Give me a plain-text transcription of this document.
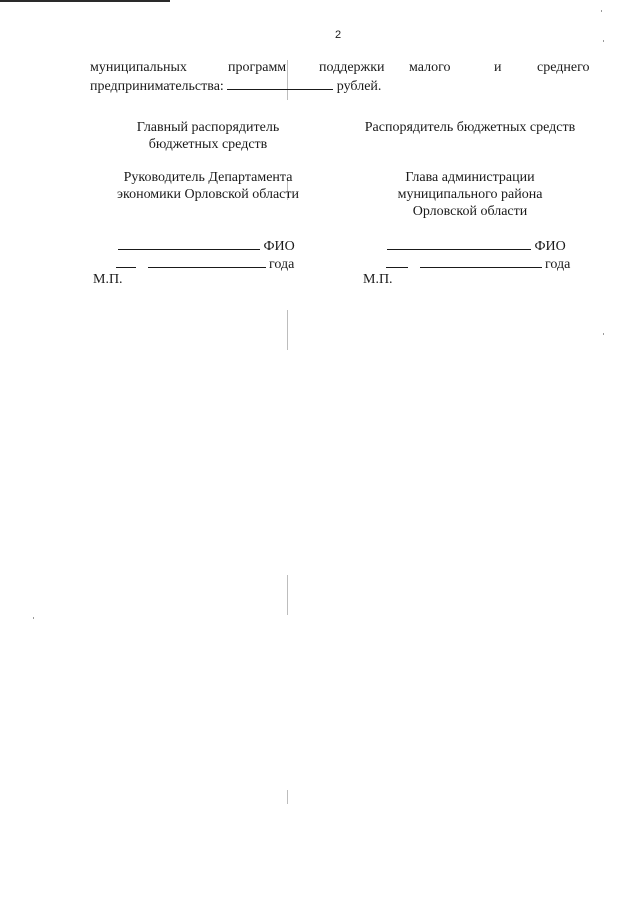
2
муниципальных	программ поддержки малого	и	среднего
предпринимательства:	рублей.
Главный распорядитель
бюджетных средств
Руководитель Департамента
экономики Орловской области
ФИО
года
М.П.
Распорядитель бюджетных средств
Глава администрации
муниципального района
Орловской области
ФИО
года
М.П.
